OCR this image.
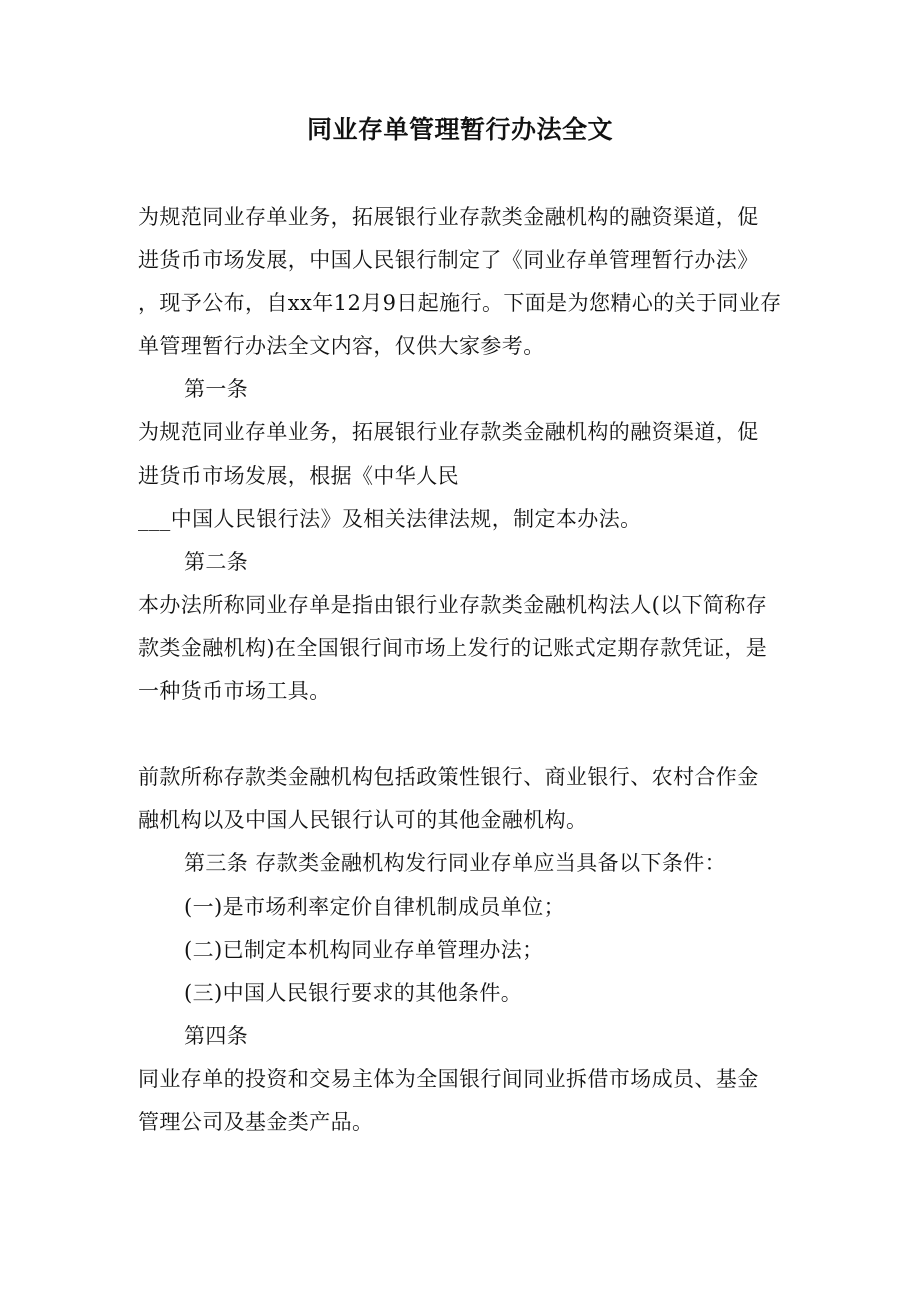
同业存单管理暂行办法全文
为规范同业存单业务，拓展银行业存款类金融机构的融资渠道，促
进货币市场发展，中国人民银行制定了《同业存单管理暂行办法》
，现予公布，自xx年12月9日起施行。下面是为您精心的关于同业存
单管理暂行办法全文内容，仅供大家参考。
第一条
为规范同业存单业务，拓展银行业存款类金融机构的融资渠道，促
进货币市场发展，根据《中华人民
___中国人民银行法》及相关法律法规，制定本办法。
第二条
本办法所称同业存单是指由银行业存款类金融机构法人(以下简称存
款类金融机构)在全国银行间市场上发行的记账式定期存款凭证，是
一种货币市场工具。
前款所称存款类金融机构包括政策性银行、商业银行、农村合作金
融机构以及中国人民银行认可的其他金融机构。
第三条 存款类金融机构发行同业存单应当具备以下条件：
(一)是市场利率定价自律机制成员单位；
(二)已制定本机构同业存单管理办法；
(三)中国人民银行要求的其他条件。
第四条
同业存单的投资和交易主体为全国银行间同业拆借市场成员、基金
管理公司及基金类产品。
